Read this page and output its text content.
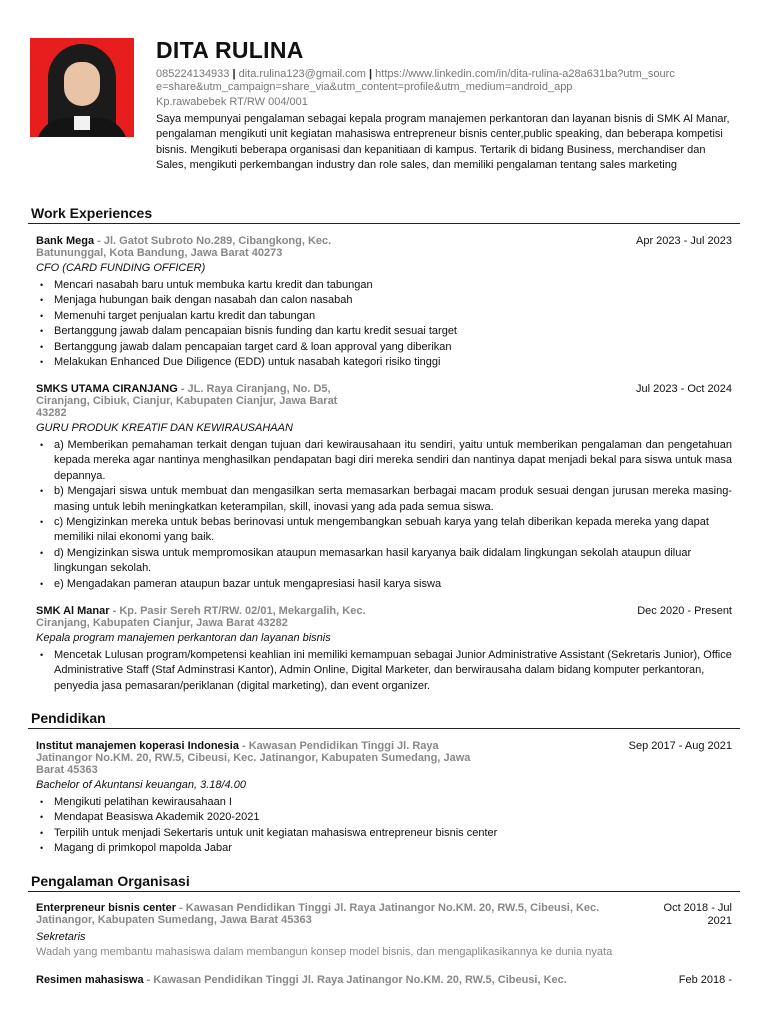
DITA RULINA
085224134933 | dita.rulina123@gmail.com | https://www.linkedin.com/in/dita-rulina-a28a631ba?utm_source=share&utm_campaign=share_via&utm_content=profile&utm_medium=android_app
Kp.rawabebek RT/RW 004/001
Saya mempunyai pengalaman sebagai kepala program manajemen perkantoran dan layanan bisnis di SMK Al Manar, pengalaman mengikuti unit kegiatan mahasiswa entrepreneur bisnis center,public speaking, dan beberapa kompetisi bisnis. Mengikuti beberapa organisasi dan kepanitiaan di kampus. Tertarik di bidang Business, merchandiser dan Sales, mengikuti perkembangan industry dan role sales, dan memiliki pengalaman tentang sales marketing
Work Experiences
Bank Mega - Jl. Gatot Subroto No.289, Cibangkong, Kec. Batununggal, Kota Bandung, Jawa Barat 40273
Apr 2023 - Jul 2023
CFO (CARD FUNDING OFFICER)
• Mencari nasabah baru untuk membuka kartu kredit dan tabungan
• Menjaga hubungan baik dengan nasabah dan calon nasabah
• Memenuhi target penjualan kartu kredit dan tabungan
• Bertanggung jawab dalam pencapaian bisnis funding dan kartu kredit sesuai target
• Bertanggung jawab dalam pencapaian target card & loan approval yang diberikan
• Melakukan Enhanced Due Diligence (EDD) untuk nasabah kategori risiko tinggi
SMKS UTAMA CIRANJANG - JL. Raya Ciranjang, No. D5, Ciranjang, Cibiuk, Cianjur, Kabupaten Cianjur, Jawa Barat 43282
Jul 2023 - Oct 2024
GURU PRODUK KREATIF DAN KEWIRAUSAHAAN
• a) Memberikan pemahaman terkait dengan tujuan dari kewirausahaan itu sendiri, yaitu untuk memberikan pengalaman dan pengetahuan kepada mereka agar nantinya menghasilkan pendapatan bagi diri mereka sendiri dan nantinya dapat menjadi bekal para siswa untuk masa depannya.
• b) Mengajari siswa untuk membuat dan mengasilkan serta memasarkan berbagai macam produk sesuai dengan jurusan mereka masing-masing untuk lebih meningkatkan keterampilan, skill, inovasi yang ada pada semua siswa.
• c) Mengizinkan mereka untuk bebas berinovasi untuk mengembangkan sebuah karya yang telah diberikan kepada mereka yang dapat memiliki nilai ekonomi yang baik.
• d) Mengizinkan siswa untuk mempromosikan ataupun memasarkan hasil karyanya baik didalam lingkungan sekolah ataupun diluar lingkungan sekolah.
• e) Mengadakan pameran ataupun bazar untuk mengapresiasi hasil karya siswa
SMK Al Manar - Kp. Pasir Sereh RT/RW. 02/01, Mekargalih, Kec. Ciranjang, Kabupaten Cianjur, Jawa Barat 43282
Dec 2020 - Present
Kepala program manajemen perkantoran dan layanan bisnis
• Mencetak Lulusan program/kompetensi keahlian ini memiliki kemampuan sebagai Junior Administrative Assistant (Sekretaris Junior), Office Administrative Staff (Staf Adminstrasi Kantor), Admin Online, Digital Marketer, dan berwirausaha dalam bidang komputer perkantoran, penyedia jasa pemasaran/periklanan (digital marketing), dan event organizer.
Pendidikan
Institut manajemen koperasi Indonesia - Kawasan Pendidikan Tinggi Jl. Raya Jatinangor No.KM. 20, RW.5, Cibeusi, Kec. Jatinangor, Kabupaten Sumedang, Jawa Barat 45363
Sep 2017 - Aug 2021
Bachelor of Akuntansi keuangan, 3.18/4.00
• Mengikuti pelatihan kewirausahaan I
• Mendapat Beasiswa Akademik 2020-2021
• Terpilih untuk menjadi Sekertaris untuk unit kegiatan mahasiswa entrepreneur bisnis center
• Magang di primkopol mapolda Jabar
Pengalaman Organisasi
Enterpreneur bisnis center - Kawasan Pendidikan Tinggi Jl. Raya Jatinangor No.KM. 20, RW.5, Cibeusi, Kec. Jatinangor, Kabupaten Sumedang, Jawa Barat 45363
Oct 2018 - Jul 2021
Sekretaris
Wadah yang membantu mahasiswa dalam membangun konsep model bisnis, dan mengaplikasikannya ke dunia nyata
Resimen mahasiswa - Kawasan Pendidikan Tinggi Jl. Raya Jatinangor No.KM. 20, RW.5, Cibeusi, Kec.	Feb 2018 -
